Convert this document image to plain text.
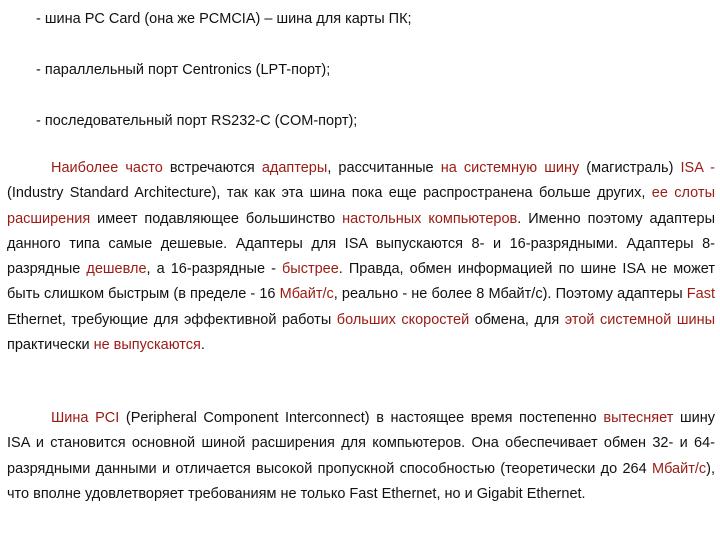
- шина PC Card (она же PCMCIA) – шина для карты ПК;
- параллельный порт Centronics (LPT-порт);
- последовательный порт RS232-C (COM-порт);

Наиболее часто встречаются адаптеры, рассчитанные на системную шину (магистраль) ISA - (Industry Standard Architecture), так как эта шина пока еще распространена больше других, ее слоты расширения имеет подавляющее большинство настольных компьютеров. Именно поэтому адаптеры данного типа самые дешевые. Адаптеры для ISA выпускаются 8- и 16-разрядными. Адаптеры 8-разрядные дешевле, а 16-разрядные - быстрее. Правда, обмен информацией по шине ISA не может быть слишком быстрым (в пределе - 16 Мбайт/с, реально - не более 8 Мбайт/с). Поэтому адаптеры Fast Ethernet, требующие для эффективной работы больших скоростей обмена, для этой системной шины практически не выпускаются.

Шина PCI (Peripheral Component Interconnect) в настоящее время постепенно вытесняет шину ISA и становится основной шиной расширения для компьютеров. Она обеспечивает обмен 32- и 64-разрядными данными и отличается высокой пропускной способностью (теоретически до 264 Мбайт/с), что вполне удовлетворяет требованиям не только Fast Ethernet, но и Gigabit Ethernet.
